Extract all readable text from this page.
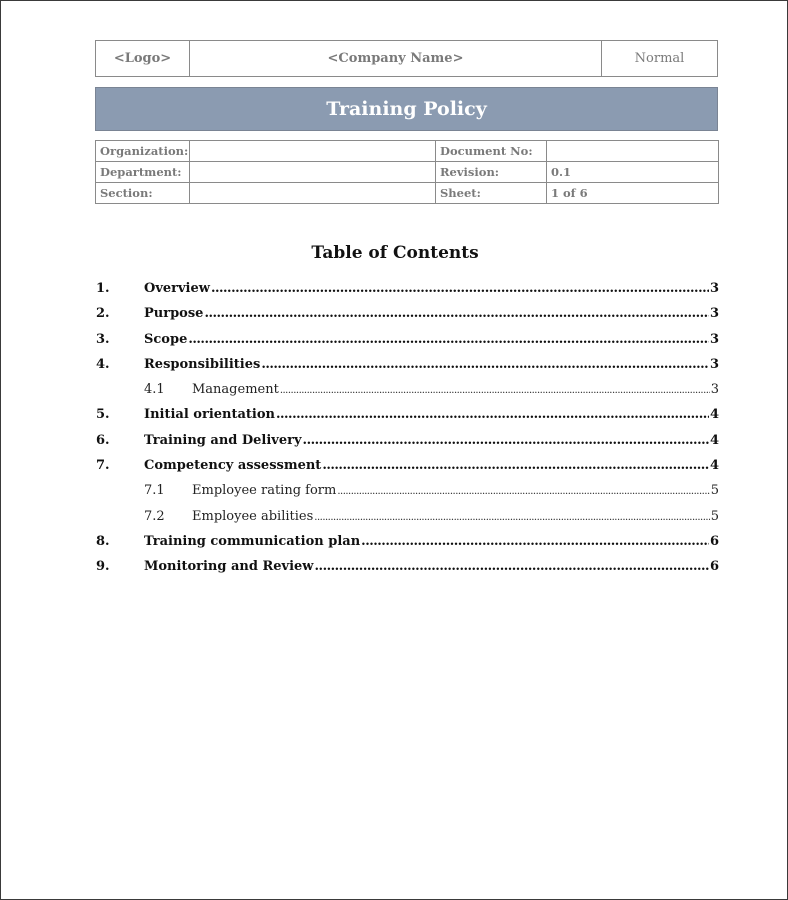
<Logo>	<Company Name>	Normal
Training Policy
Organization:		Document No:	
Department:		Revision:	0.1
Section:		Sheet:	1 of 6
Table of Contents
1.	Overview .....	3
2.	Purpose .....	3
3.	Scope .....	3
4.	Responsibilities .....	3
4.1	Management .....	3
5.	Initial orientation .....	4
6.	Training and Delivery .....	4
7.	Competency assessment .....	4
7.1	Employee rating form .....	5
7.2	Employee abilities .....	5
8.	Training communication plan .....	6
9.	Monitoring and Review .....	6
